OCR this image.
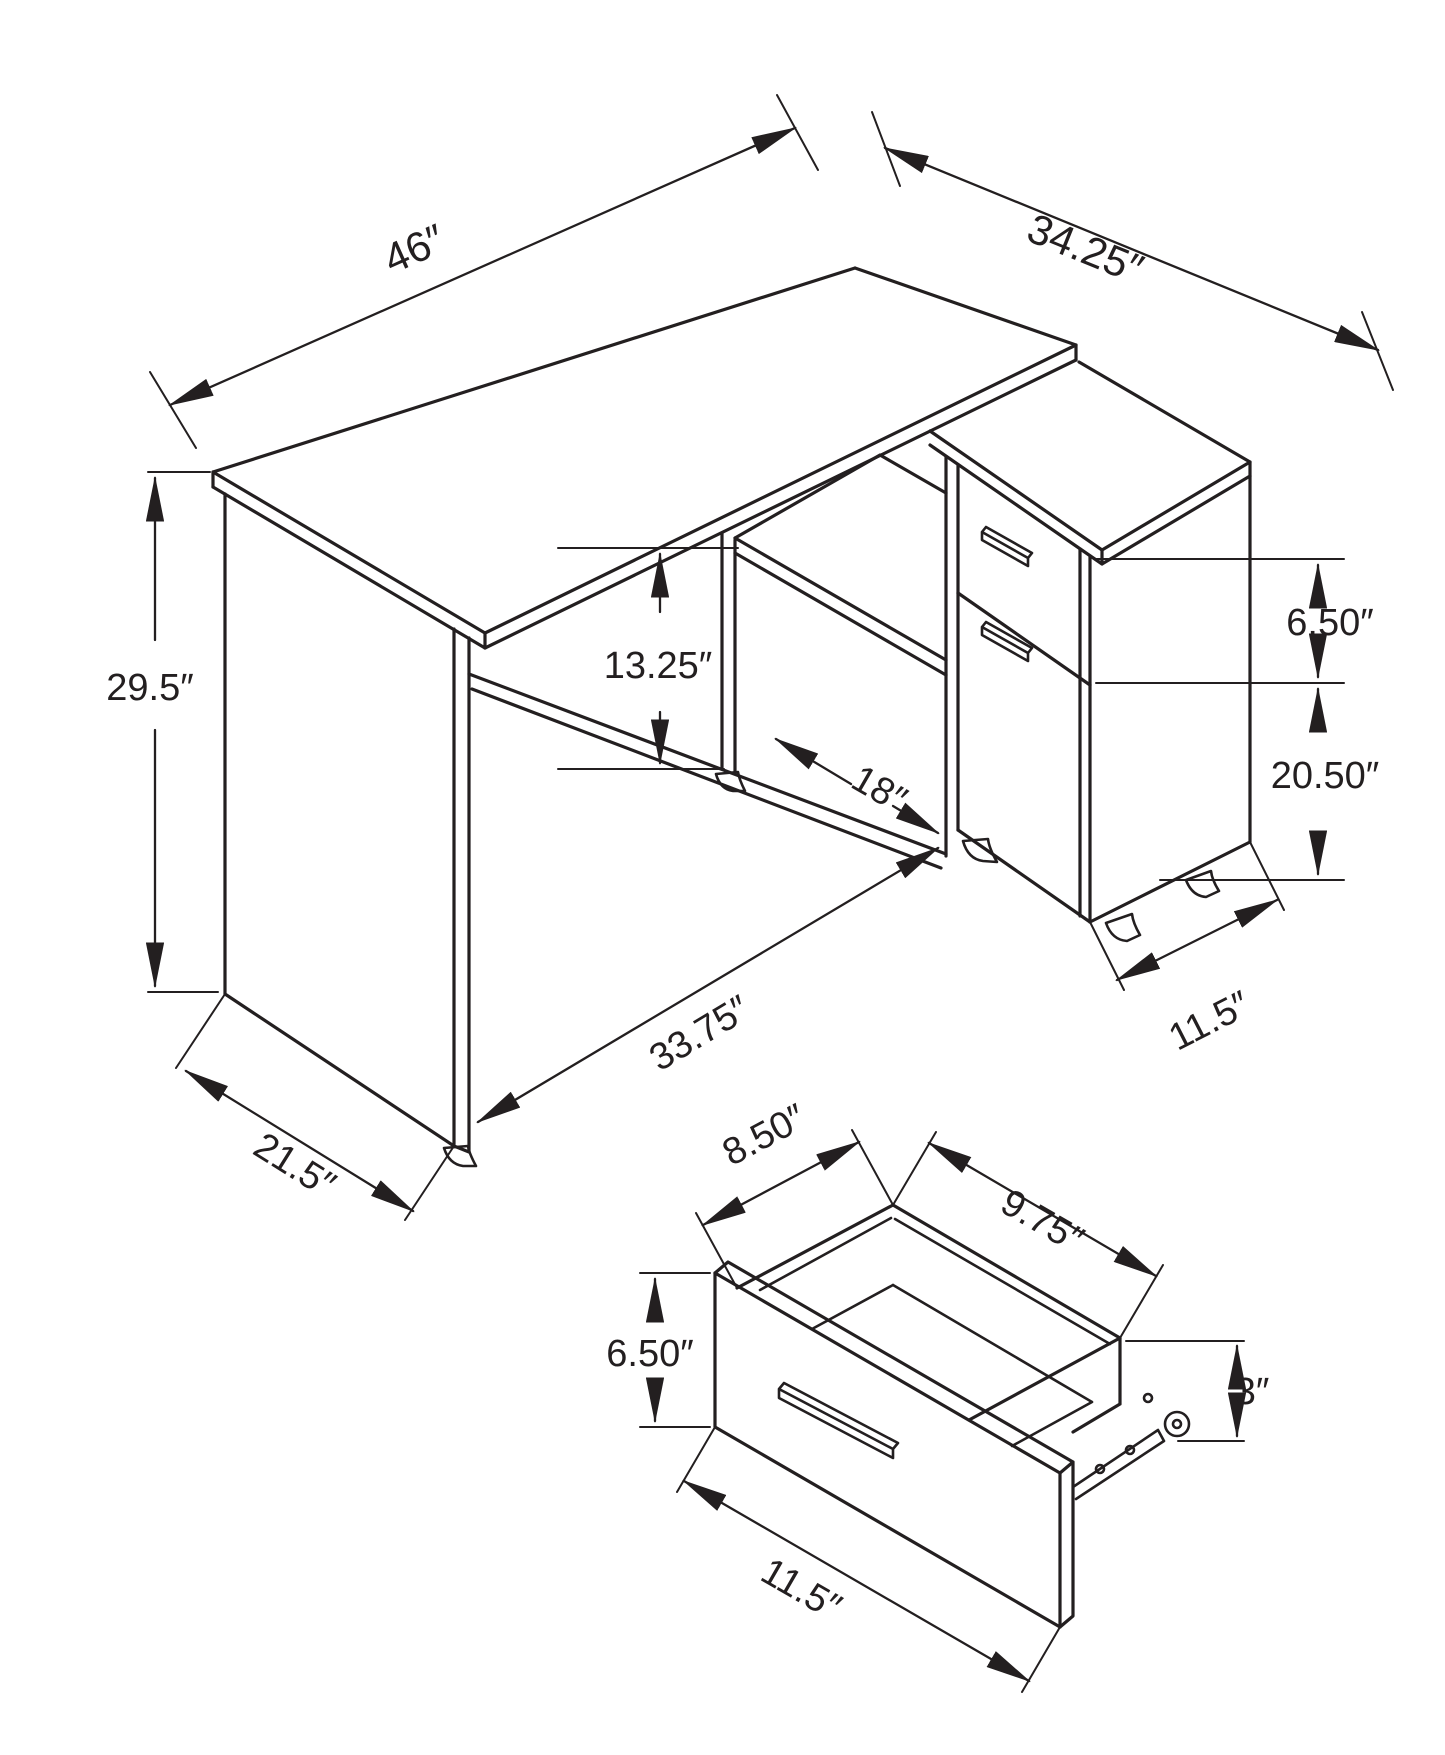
46″	34.25″
29.5″
13.25″
18″
6.50″
20.50″
33.75″
21.5″
11.5″
8.50″
9.75″
6.50″
3″
11.5″
